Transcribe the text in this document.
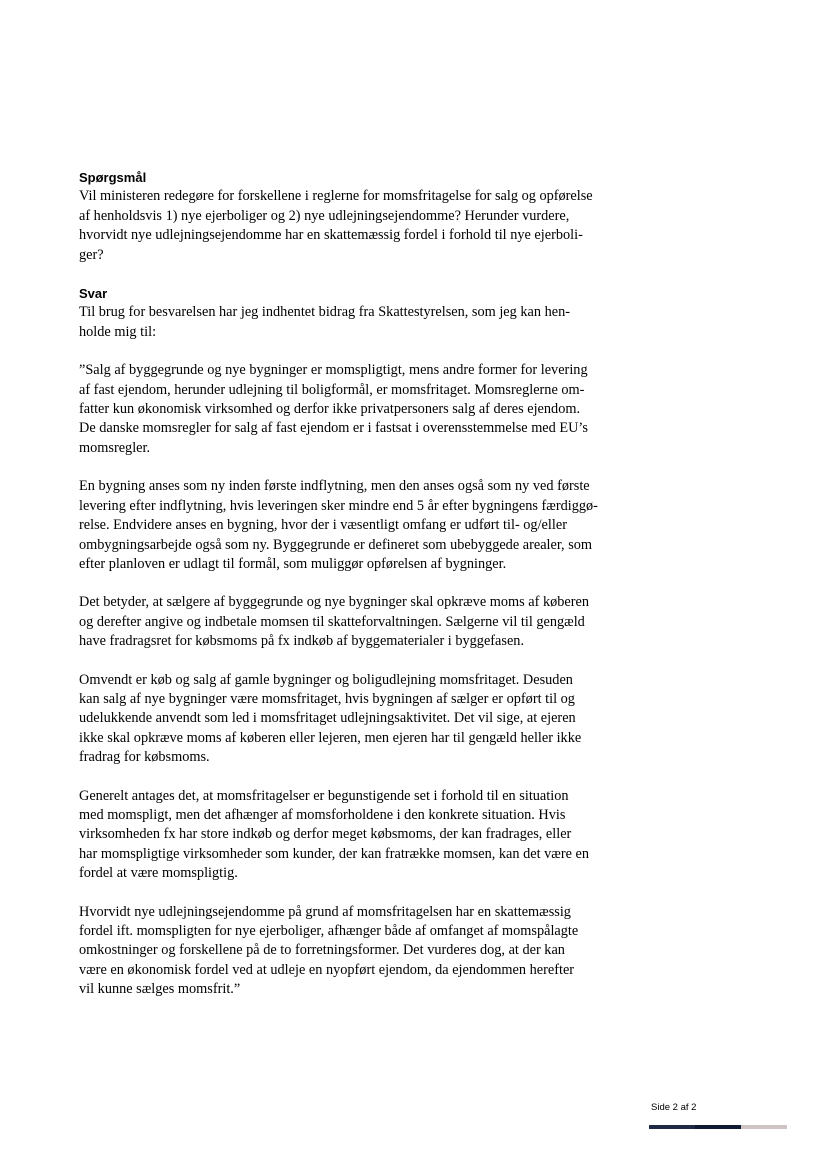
Spørgsmål

Vil ministeren redegøre for forskellene i reglerne for momsfritagelse for salg og opførelse
af henholdsvis 1) nye ejerboliger og 2) nye udlejningsejendomme? Herunder vurdere,
hvorvidt nye udlejningsejendomme har en skattemæssig fordel i forhold til nye ejerboli-
ger?

Svar

Til brug for besvarelsen har jeg indhentet bidrag fra Skattestyrelsen, som jeg kan hen-
holde mig til:

”Salg af byggegrunde og nye bygninger er momspligtigt, mens andre former for levering
af fast ejendom, herunder udlejning til boligformål, er momsfritaget. Momsreglerne om-
fatter kun økonomisk virksomhed og derfor ikke privatpersoners salg af deres ejendom.
De danske momsregler for salg af fast ejendom er i fastsat i overensstemmelse med EU’s
momsregler.

En bygning anses som ny inden første indflytning, men den anses også som ny ved første
levering efter indflytning, hvis leveringen sker mindre end 5 år efter bygningens færdiggø-
relse. Endvidere anses en bygning, hvor der i væsentligt omfang er udført til- og/eller
ombygningsarbejde også som ny. Byggegrunde er defineret som ubebyggede arealer, som
efter planloven er udlagt til formål, som muliggør opførelsen af bygninger.

Det betyder, at sælgere af byggegrunde og nye bygninger skal opkræve moms af køberen
og derefter angive og indbetale momsen til skatteforvaltningen. Sælgerne vil til gengæld
have fradragsret for købsmoms på fx indkøb af byggematerialer i byggefasen.

Omvendt er køb og salg af gamle bygninger og boligudlejning momsfritaget. Desuden
kan salg af nye bygninger være momsfritaget, hvis bygningen af sælger er opført til og
udelukkende anvendt som led i momsfritaget udlejningsaktivitet. Det vil sige, at ejeren
ikke skal opkræve moms af køberen eller lejeren, men ejeren har til gengæld heller ikke
fradrag for købsmoms.

Generelt antages det, at momsfritagelser er begunstigende set i forhold til en situation
med momspligt, men det afhænger af momsforholdene i den konkrete situation. Hvis
virksomheden fx har store indkøb og derfor meget købsmoms, der kan fradrages, eller
har momspligtige virksomheder som kunder, der kan fratrække momsen, kan det være en
fordel at være momspligtig.

Hvorvidt nye udlejningsejendomme på grund af momsfritagelsen har en skattemæssig
fordel ift. momspligten for nye ejerboliger, afhænger både af omfanget af momspålagte
omkostninger og forskellene på de to forretningsformer. Det vurderes dog, at der kan
være en økonomisk fordel ved at udleje en nyopført ejendom, da ejendommen herefter
vil kunne sælges momsfrit.”

Side 2 af 2
